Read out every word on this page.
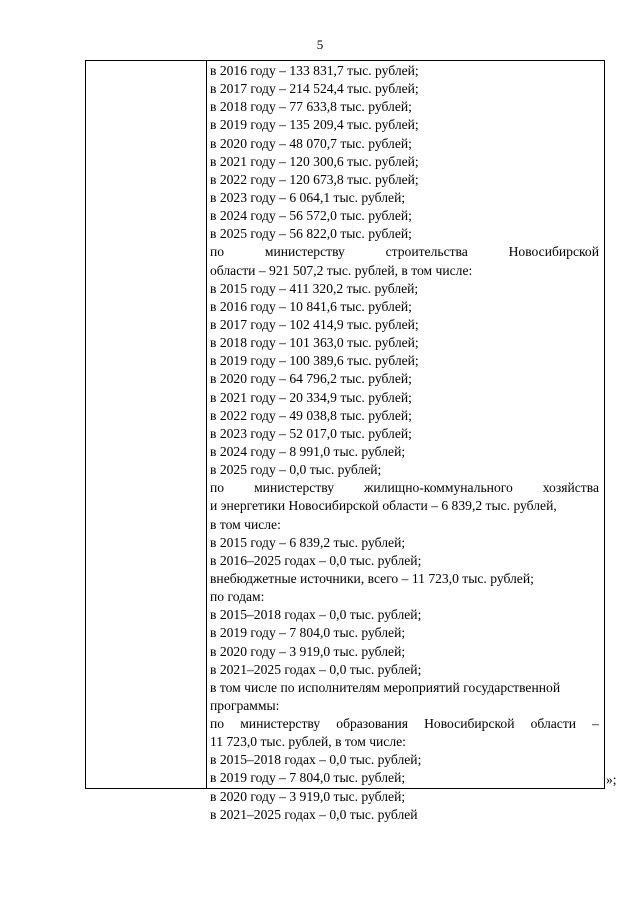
5
в 2016 году – 133 831,7 тыс. рублей;
в 2017 году – 214 524,4 тыс. рублей;
в 2018 году – 77 633,8 тыс. рублей;
в 2019 году – 135 209,4 тыс. рублей;
в 2020 году – 48 070,7 тыс. рублей;
в 2021 году – 120 300,6 тыс. рублей;
в 2022 году – 120 673,8 тыс. рублей;
в 2023 году – 6 064,1 тыс. рублей;
в 2024 году – 56 572,0 тыс. рублей;
в 2025 году – 56 822,0 тыс. рублей;
по	министерству	строительства	Новосибирской
области – 921 507,2 тыс. рублей, в том числе:
в 2015 году – 411 320,2 тыс. рублей;
в 2016 году – 10 841,6 тыс. рублей;
в 2017 году – 102 414,9 тыс. рублей;
в 2018 году – 101 363,0 тыс. рублей;
в 2019 году – 100 389,6 тыс. рублей;
в 2020 году – 64 796,2 тыс. рублей;
в 2021 году – 20 334,9 тыс. рублей;
в 2022 году – 49 038,8 тыс. рублей;
в 2023 году – 52 017,0 тыс. рублей;
в 2024 году – 8 991,0 тыс. рублей;
в 2025 году – 0,0 тыс. рублей;
по министерству жилищно-коммунального хозяйства
и энергетики Новосибирской области – 6 839,2 тыс. рублей,
в том числе:
в 2015 году – 6 839,2 тыс. рублей;
в 2016–2025 годах – 0,0 тыс. рублей;
внебюджетные источники, всего – 11 723,0 тыс. рублей;
по годам:
в 2015–2018 годах – 0,0 тыс. рублей;
в 2019 году – 7 804,0 тыс. рублей;
в 2020 году – 3 919,0 тыс. рублей;
в 2021–2025 годах – 0,0 тыс. рублей;
в том числе по исполнителям мероприятий государственной
программы:
по министерству образования Новосибирской области –
11 723,0 тыс. рублей, в том числе:
в 2015–2018 годах – 0,0 тыс. рублей;
в 2019 году – 7 804,0 тыс. рублей;
в 2020 году – 3 919,0 тыс. рублей;
в 2021–2025 годах – 0,0 тыс. рублей
»;
